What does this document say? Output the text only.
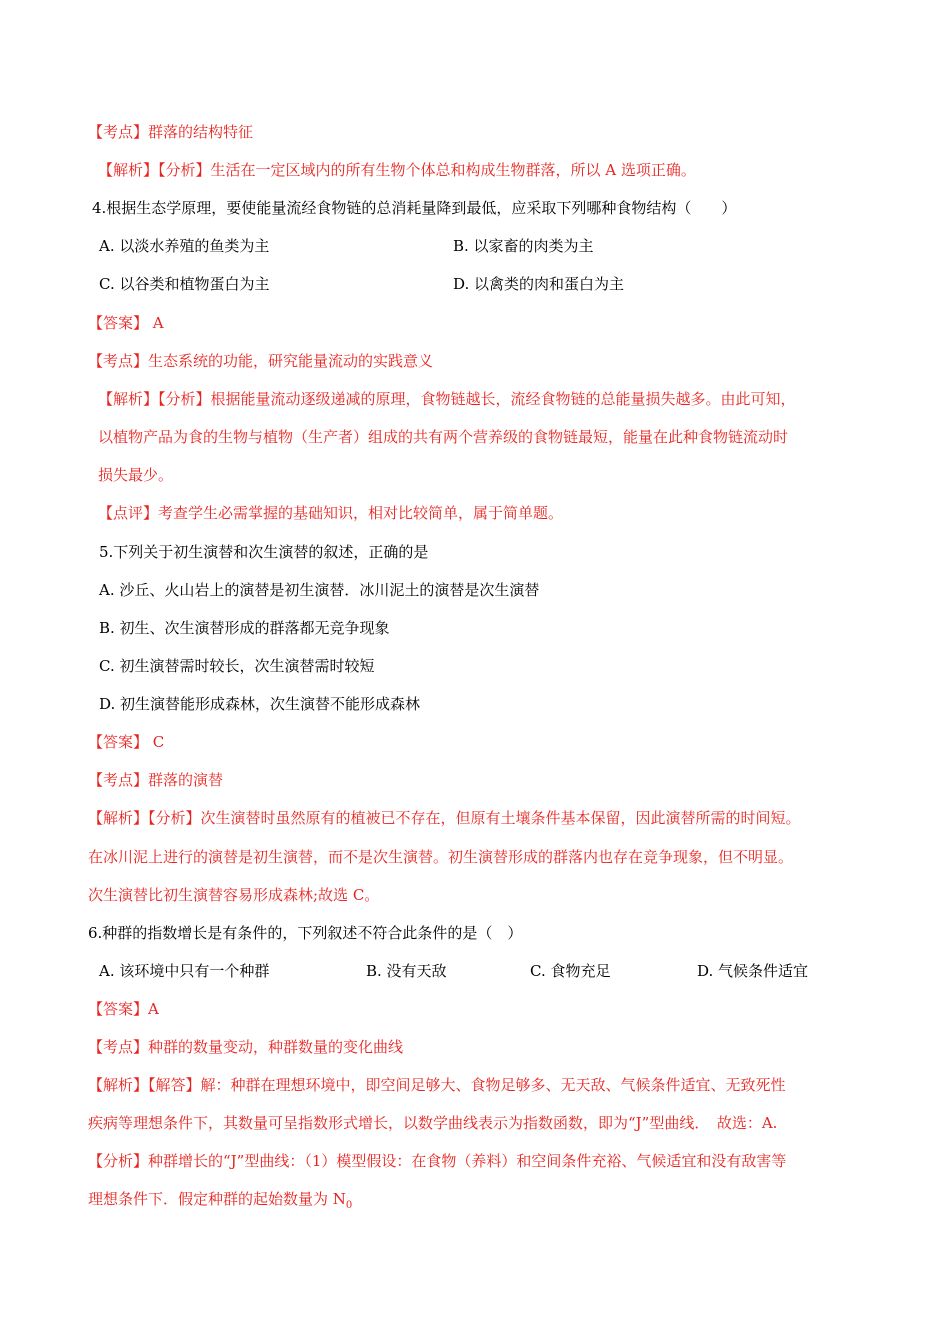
【考点】群落的结构特征
【解析】【分析】生活在一定区域内的所有生物个体总和构成生物群落，所以 A 选项正确。
4.根据生态学原理，要使能量流经食物链的总消耗量降到最低，应采取下列哪种食物结构（　　）
A. 以淡水养殖的鱼类为主	B. 以家畜的肉类为主
C. 以谷类和植物蛋白为主	D. 以禽类的肉和蛋白为主
【答案】 A
【考点】生态系统的功能，研究能量流动的实践意义
【解析】【分析】根据能量流动逐级递减的原理，食物链越长，流经食物链的总能量损失越多。由此可知，
以植物产品为食的生物与植物（生产者）组成的共有两个营养级的食物链最短，能量在此种食物链流动时
损失最少。
【点评】考查学生必需掌握的基础知识，相对比较简单，属于简单题。
5.下列关于初生演替和次生演替的叙述，正确的是
A. 沙丘、火山岩上的演替是初生演替．冰川泥土的演替是次生演替
B. 初生、次生演替形成的群落都无竞争现象
C. 初生演替需时较长，次生演替需时较短
D. 初生演替能形成森林，次生演替不能形成森林
【答案】 C
【考点】群落的演替
【解析】【分析】次生演替时虽然原有的植被已不存在，但原有土壤条件基本保留，因此演替所需的时间短。
在冰川泥上进行的演替是初生演替，而不是次生演替。初生演替形成的群落内也存在竞争现象，但不明显。
次生演替比初生演替容易形成森林;故选 C。
6.种群的指数增长是有条件的，下列叙述不符合此条件的是（　）
A. 该环境中只有一个种群	B. 没有天敌	C. 食物充足	D. 气候条件适宜
【答案】A
【考点】种群的数量变动，种群数量的变化曲线
【解析】【解答】解：种群在理想环境中，即空间足够大、食物足够多、无天敌、气候条件适宜、无致死性
疾病等理想条件下，其数量可呈指数形式增长，以数学曲线表示为指数函数，即为“J”型曲线．　故选：A.
【分析】种群增长的“J”型曲线：（1）模型假设：在食物（养料）和空间条件充裕、气候适宜和没有敌害等
理想条件下．假定种群的起始数量为 $N_0$
